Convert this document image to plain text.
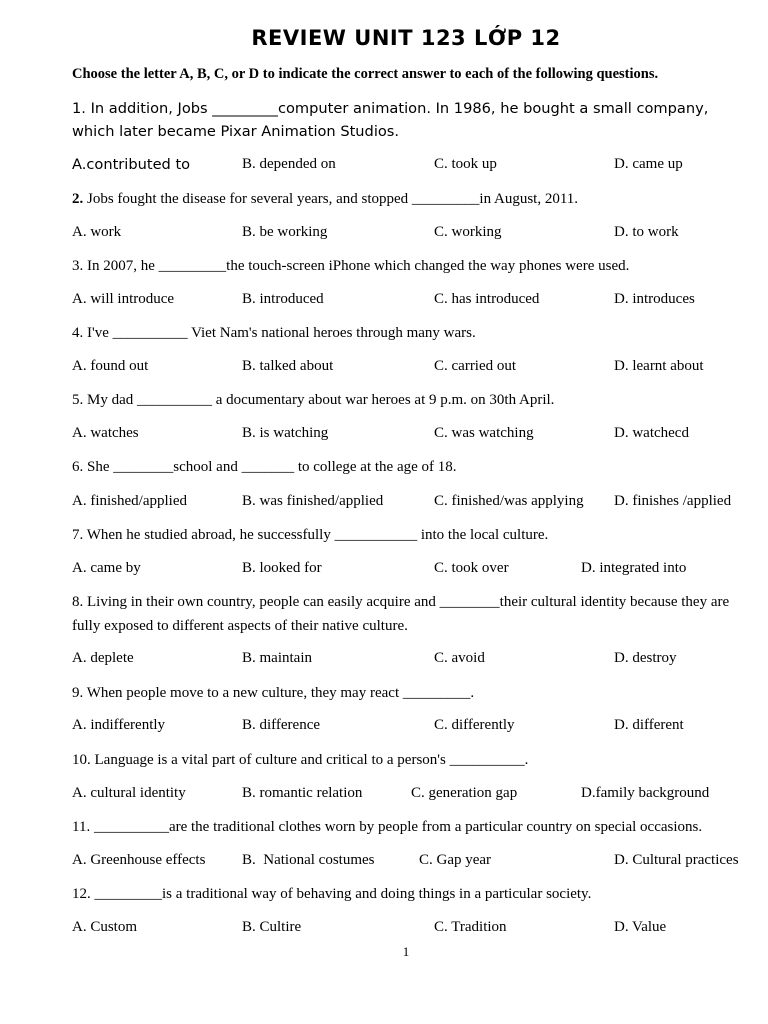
REVIEW UNIT 123 LỚP 12
Choose the letter A, B, C, or D to indicate the correct answer to each of the following questions.
1. In addition, Jobs _________computer animation. In 1986, he bought a small company, which later became Pixar Animation Studios.
A.contributed to	B. depended on	C. took up	D. came up
2. Jobs fought the disease for several years, and stopped _________in August, 2011.
A. work	B. be working	C. working	D. to work
3. In 2007, he _________the touch-screen iPhone which changed the way phones were used.
A. will introduce	B. introduced	C. has introduced	D. introduces
4. I've __________ Viet Nam's national heroes through many wars.
A. found out	B. talked about	C. carried out	D. learnt about
5. My dad __________ a documentary about war heroes at 9 p.m. on 30th April.
A. watches	B. is watching	C. was watching	D. watchecd
6. She ________school and _______ to college at the age of 18.
A. finished/applied	B. was finished/applied	C. finished/was applying D. finishes /applied
7. When he studied abroad, he successfully ___________ into the local culture.
A. came by	B. looked for	C. took over	D. integrated into
8. Living in their own country, people can easily acquire and ________their cultural identity because they are fully exposed to different aspects of their native culture.
A. deplete	B. maintain	C. avoid	D. destroy
9. When people move to a new culture, they may react _________.
A. indifferently	B. difference	C. differently	D. different
10. Language is a vital part of culture and critical to a person's __________.
A. cultural identity	B. romantic relation	C. generation gap	D.family background
11. __________are the traditional clothes worn by people from a particular country on special occasions.
A. Greenhouse effects B.  National costumes	C. Gap year	D. Cultural practices
12. _________is a traditional way of behaving and doing things in a particular society.
A. Custom	B. Cultire	C. Tradition	D. Value
1
